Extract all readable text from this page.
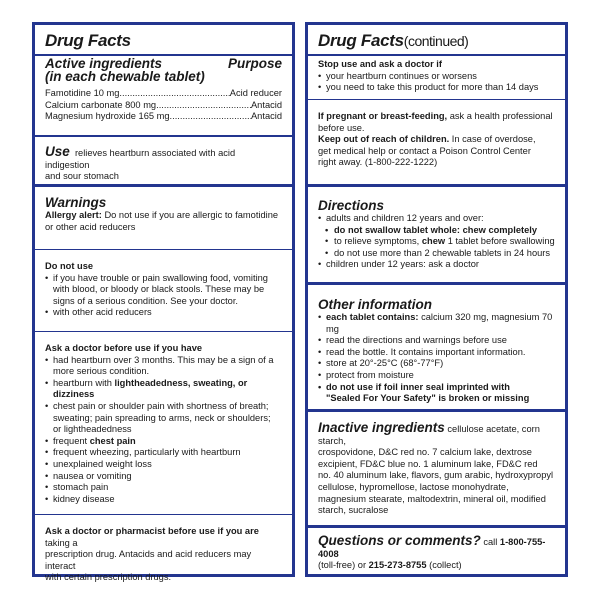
Drug Facts
Active ingredients
(in each chewable tablet)
Purpose
Famotidine 10 mg .....	Acid reducer
Calcium carbonate 800 mg .....	Antacid
Magnesium hydroxide 165 mg .....	Antacid
Use relieves heartburn associated with acid indigestion
and sour stomach
Warnings
Allergy alert: Do not use if you are allergic to famotidine
or other acid reducers
Do not use
• if you have trouble or pain swallowing food, vomiting
with blood, or bloody or black stools. These may be
signs of a serious condition. See your doctor.
• with other acid reducers
Ask a doctor before use if you have
• had heartburn over 3 months. This may be a sign of a
more serious condition.
• heartburn with lightheadedness, sweating, or dizziness
• chest pain or shoulder pain with shortness of breath;
sweating; pain spreading to arms, neck or shoulders;
or lightheadedness
• frequent chest pain
• frequent wheezing, particularly with heartburn
• unexplained weight loss
• nausea or vomiting
• stomach pain
• kidney disease
Ask a doctor or pharmacist before use if you are taking a
prescription drug. Antacids and acid reducers may interact
with certain prescription drugs.
Drug Facts(continued)
Stop use and ask a doctor if
• your heartburn continues or worsens
• you need to take this product for more than 14 days
If pregnant or breast-feeding, ask a health professional
before use.
Keep out of reach of children. In case of overdose,
get medical help or contact a Poison Control Center
right away. (1-800-222-1222)
Directions
• adults and children 12 years and over:
• do not swallow tablet whole: chew completely
• to relieve symptoms, chew 1 tablet before swallowing
• do not use more than 2 chewable tablets in 24 hours
• children under 12 years: ask a doctor
Other information
• each tablet contains: calcium 320 mg, magnesium 70 mg
• read the directions and warnings before use
• read the bottle. It contains important information.
• store at 20°-25°C (68°-77°F)
• protect from moisture
• do not use if foil inner seal imprinted with
"Sealed For Your Safety" is broken or missing
Inactive ingredients cellulose acetate, corn starch,
crospovidone, D&C red no. 7 calcium lake, dextrose
excipient, FD&C blue no. 1 aluminum lake, FD&C red
no. 40 aluminum lake, flavors, gum arabic, hydroxypropyl
cellulose, hypromellose, lactose monohydrate,
magnesium stearate, maltodextrin, mineral oil, modified
starch, sucralose
Questions or comments? call 1-800-755-4008
(toll-free) or 215-273-8755 (collect)
